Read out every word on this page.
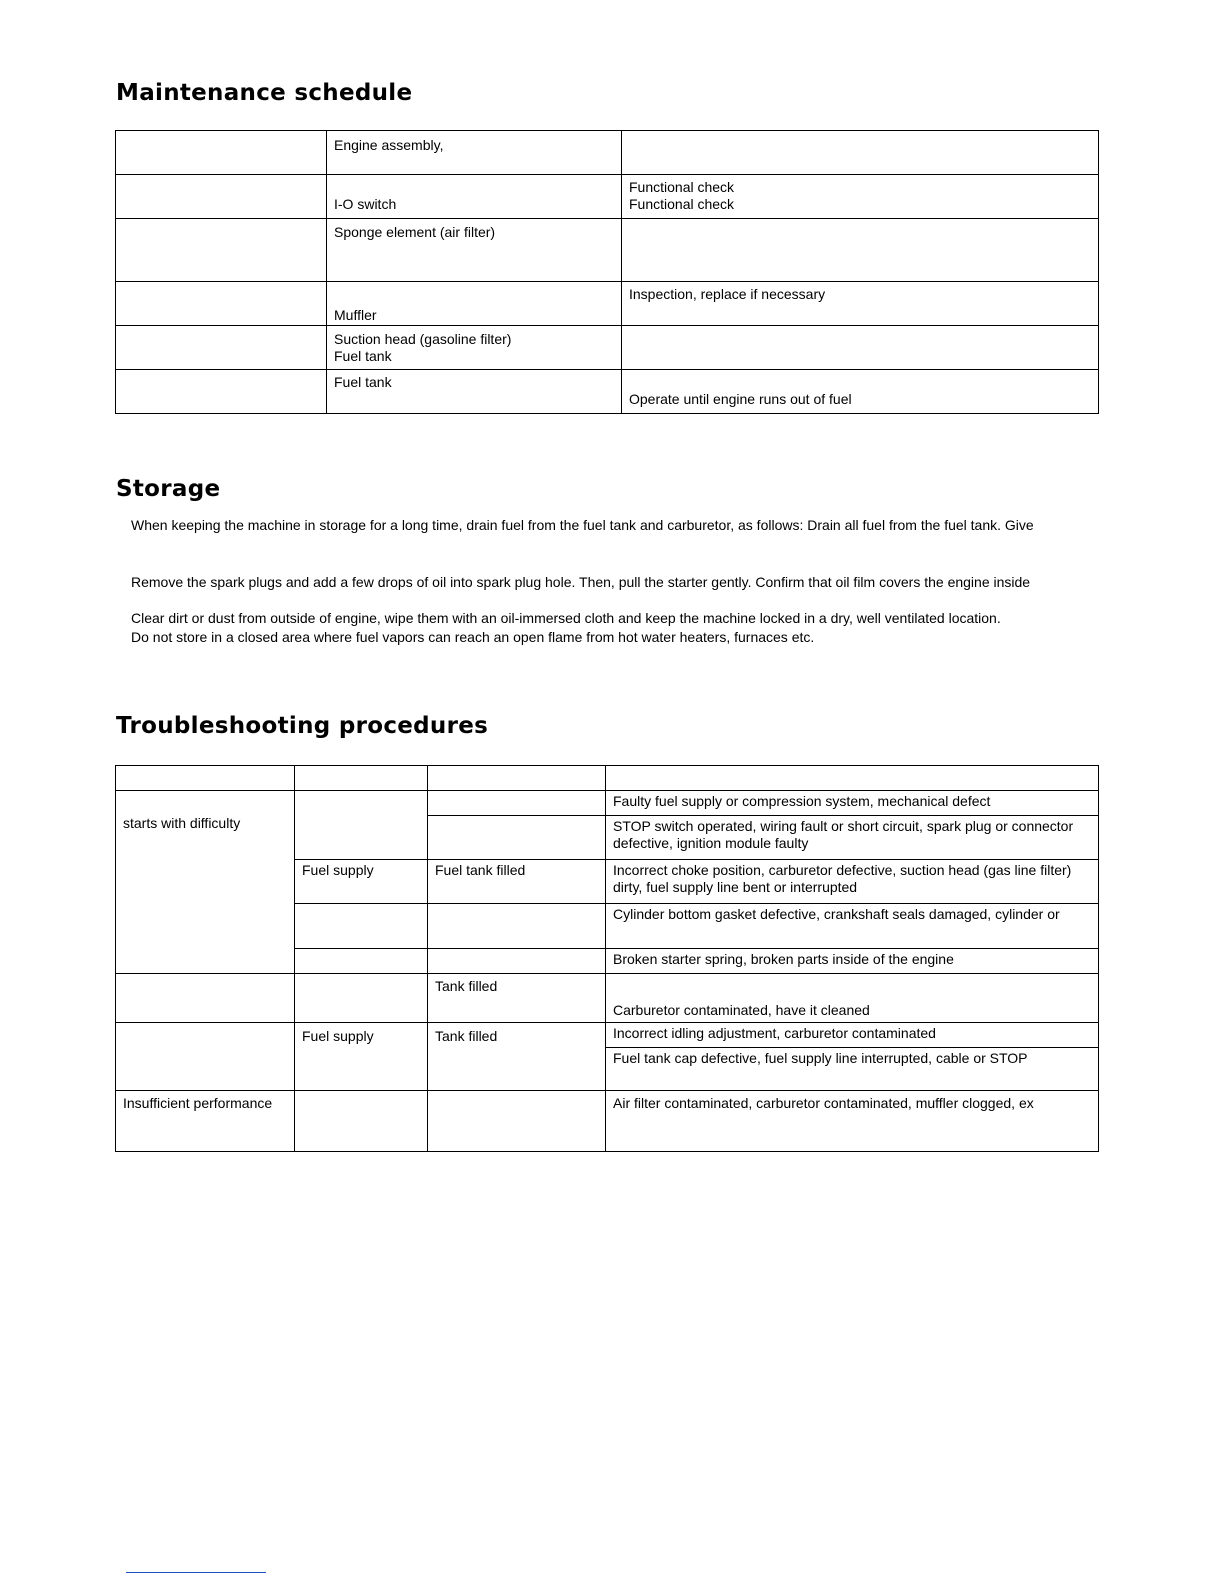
Maintenance schedule

	Engine assembly,	

	I-O switch	Functional check
Functional check

	Sponge element (air filter)	

	Muffler	Inspection, replace if necessary

	Suction head (gasoline filter)
Fuel tank	

	Fuel tank	Operate until engine runs out of fuel
Storage

When keeping the machine in storage for a long time, drain fuel from the fuel tank and carburetor, as follows: Drain all fuel from the fuel tank. Give

Remove the spark plugs and add a few drops of oil into spark plug hole. Then, pull the starter gently. Confirm that oil film covers the engine inside

Clear dirt or dust from outside of engine, wipe them with an oil-immersed cloth and keep the machine locked in a dry, well ventilated location.

Do not store in a closed area where fuel vapors can reach an open flame from hot water heaters, furnaces etc.

Troubleshooting procedures

starts with difficulty			Faulty fuel supply or compression system, mechanical defect

			STOP switch operated, wiring fault or short circuit, spark plug or connector defective, ignition module faulty

	Fuel supply	Fuel tank filled	Incorrect choke position, carburetor defective, suction head (gas line filter) dirty, fuel supply line bent or interrupted

			Cylinder bottom gasket defective, crankshaft seals damaged, cylinder or

			Broken starter spring, broken parts inside of the engine

		Tank filled	Carburetor contaminated, have it cleaned

	Fuel supply	Tank filled	Incorrect idling adjustment, carburetor contaminated

			Fuel tank cap defective, fuel supply line interrupted, cable or STOP

Insufficient performance			Air filter contaminated, carburetor contaminated, muffler clogged, ex
